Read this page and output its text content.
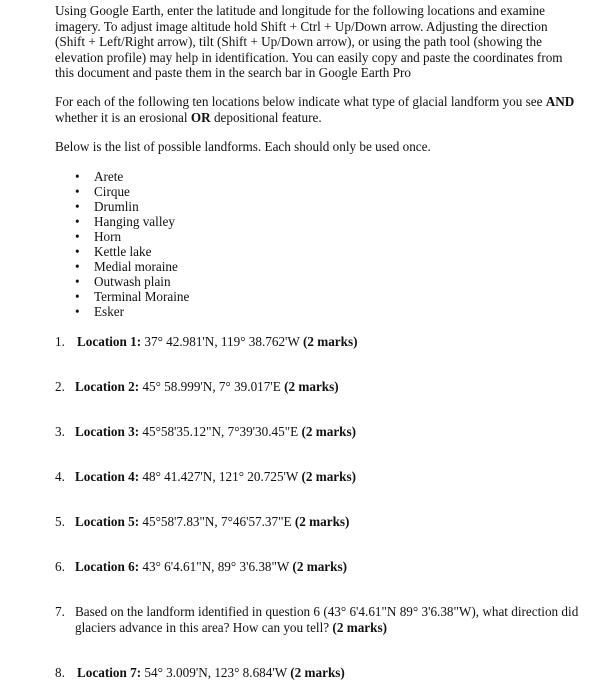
Using Google Earth, enter the latitude and longitude for the following locations and examine imagery. To adjust image altitude hold Shift + Ctrl + Up/Down arrow. Adjusting the direction (Shift + Left/Right arrow), tilt (Shift + Up/Down arrow), or using the path tool (showing the elevation profile) may help in identification. You can easily copy and paste the coordinates from this document and paste them in the search bar in Google Earth Pro

For each of the following ten locations below indicate what type of glacial landform you see AND whether it is an erosional OR depositional feature.

Below is the list of possible landforms. Each should only be used once.

• Arete
• Cirque
• Drumlin
• Hanging valley
• Horn
• Kettle lake
• Medial moraine
• Outwash plain
• Terminal Moraine
• Esker
1. Location 1: 37° 42.981'N, 119° 38.762'W (2 marks)
2. Location 2: 45° 58.999'N, 7° 39.017'E (2 marks)
3. Location 3: 45°58'35.12"N, 7°39'30.45"E (2 marks)
4. Location 4: 48° 41.427'N, 121° 20.725'W (2 marks)
5. Location 5: 45°58'7.83"N, 7°46'57.37"E (2 marks)
6. Location 6: 43° 6'4.61"N, 89° 3'6.38"W (2 marks)
7. Based on the landform identified in question 6 (43° 6'4.61"N 89° 3'6.38"W), what direction did glaciers advance in this area? How can you tell? (2 marks)
8. Location 7: 54° 3.009'N, 123° 8.684'W (2 marks)
